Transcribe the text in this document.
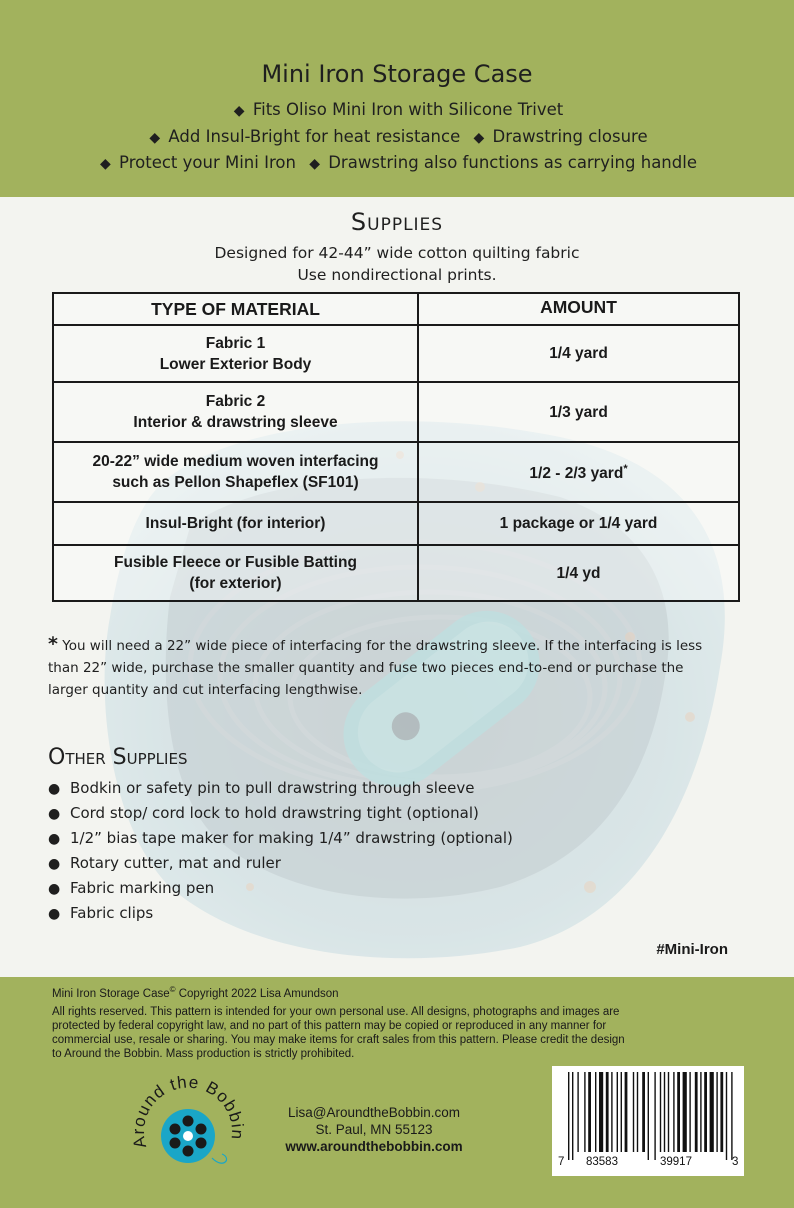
Mini Iron Storage Case
◆ Fits Oliso Mini Iron with Silicone Trivet
◆ Add Insul-Bright for heat resistance ◆ Drawstring closure
◆ Protect your Mini Iron ◆ Drawstring also functions as carrying handle
Supplies
Designed for 42-44” wide cotton quilting fabric
Use nondirectional prints.
TYPE OF MATERIAL	AMOUNT

Fabric 1
Lower Exterior Body	1/4 yard

Fabric 2
Interior & drawstring sleeve	1/3 yard

20-22” wide medium woven interfacing
such as Pellon Shapeflex (SF101)	1/2 - 2/3 yard*

Insul-Bright (for interior)	1 package or 1/4 yard

Fusible Fleece or Fusible Batting
(for exterior)	1/4 yd
* You will need a 22” wide piece of interfacing for the drawstring sleeve. If the interfacing is less
than 22” wide, purchase the smaller quantity and fuse two pieces end-to-end or purchase the
larger quantity and cut interfacing lengthwise.
Other Supplies
● Bodkin or safety pin to pull drawstring through sleeve
● Cord stop/ cord lock to hold drawstring tight (optional)
● 1/2” bias tape maker for making 1/4” drawstring (optional)
● Rotary cutter, mat and ruler
● Fabric marking pen
● Fabric clips
#Mini-Iron
Mini Iron Storage Case© Copyright 2022 Lisa Amundson
All rights reserved. This pattern is intended for your own personal use. All designs, photographs and images are
protected by federal copyright law, and no part of this pattern may be copied or reproduced in any manner for
commercial use, resale or sharing. You may make items for craft sales from this pattern. Please credit the design
to Around the Bobbin. Mass production is strictly prohibited.
Around the Bobbin
Lisa@AroundtheBobbin.com
St. Paul, MN 55123
www.aroundthebobbin.com
7 83583	39917	3
